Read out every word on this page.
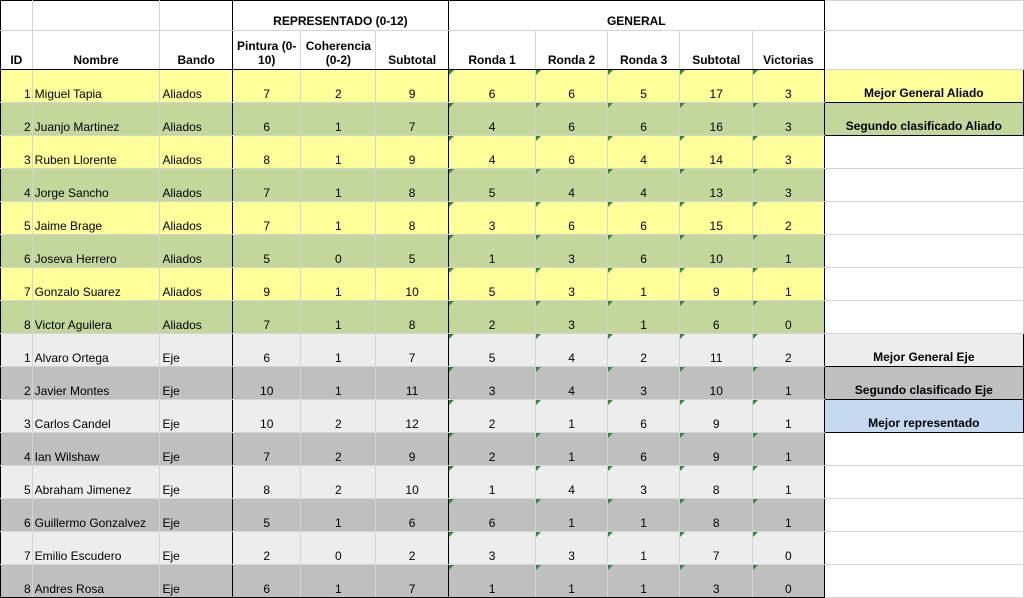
			REPRESENTADO (0-12)			GENERAL					
ID	Nombre	Bando	Pintura (0-10)	Coherencia (0-2)	Subtotal	Ronda 1	Ronda 2	Ronda 3	Subtotal	Victorias	
1	Miguel Tapia	Aliados	7	2	9	6	6	5	17	3	Mejor General Aliado
2	Juanjo Martinez	Aliados	6	1	7	4	6	6	16	3	Segundo clasificado Aliado
3	Ruben Llorente	Aliados	8	1	9	4	6	4	14	3	
4	Jorge Sancho	Aliados	7	1	8	5	4	4	13	3	
5	Jaime Brage	Aliados	7	1	8	3	6	6	15	2	
6	Joseva Herrero	Aliados	5	0	5	1	3	6	10	1	
7	Gonzalo Suarez	Aliados	9	1	10	5	3	1	9	1	
8	Victor Aguilera	Aliados	7	1	8	2	3	1	6	0	
1	Alvaro Ortega	Eje	6	1	7	5	4	2	11	2	Mejor General Eje
2	Javier Montes	Eje	10	1	11	3	4	3	10	1	Segundo clasificado Eje
3	Carlos Candel	Eje	10	2	12	2	1	6	9	1	Mejor representado
4	Ian Wilshaw	Eje	7	2	9	2	1	6	9	1	
5	Abraham Jimenez	Eje	8	2	10	1	4	3	8	1	
6	Guillermo Gonzalvez	Eje	5	1	6	6	1	1	8	1	
7	Emilio Escudero	Eje	2	0	2	3	3	1	7	0	
8	Andres Rosa	Eje	6	1	7	1	1	1	3	0	
